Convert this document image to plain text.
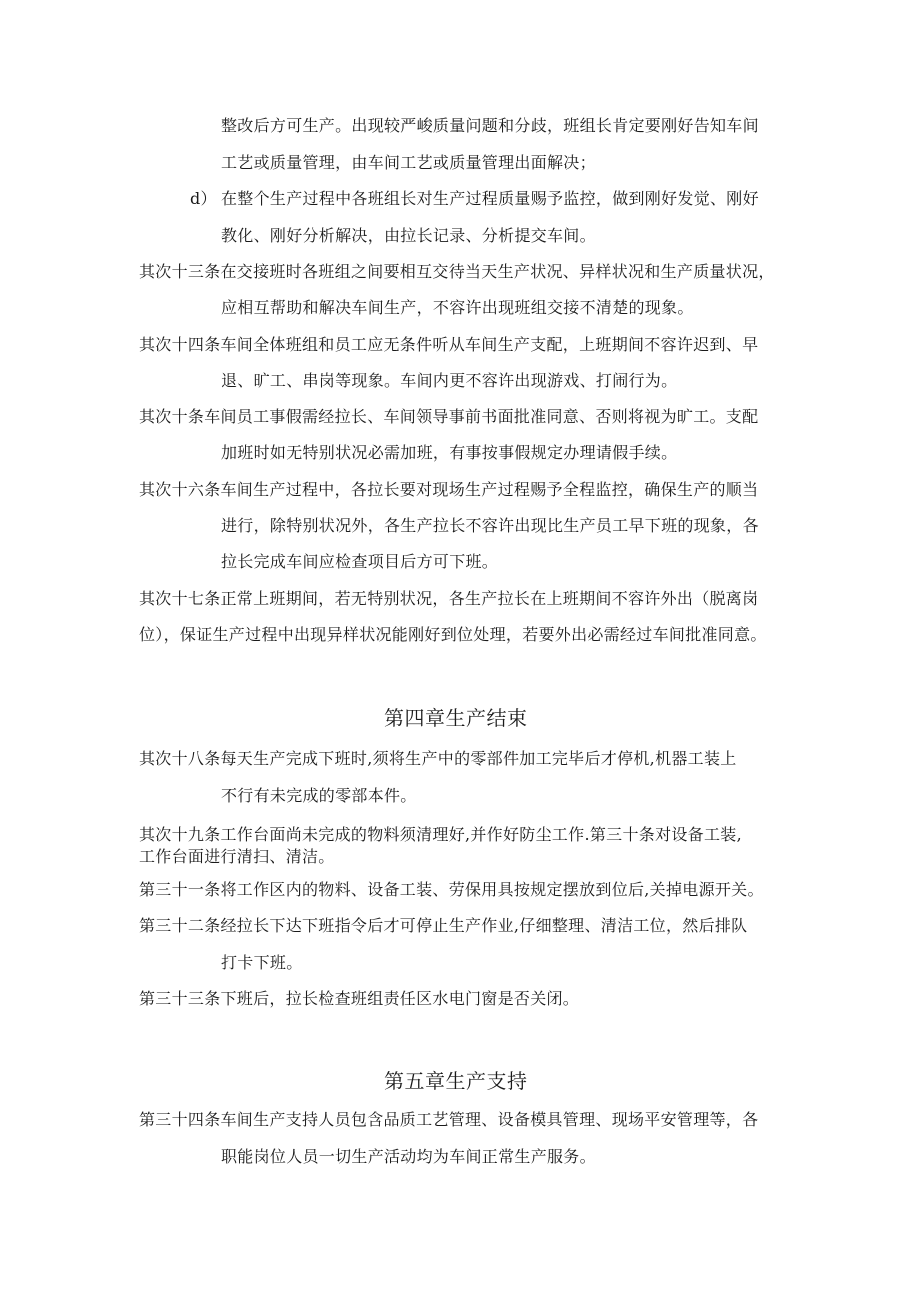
整改后方可生产。出现较严峻质量问题和分歧，班组长肯定要刚好告知车间
工艺或质量管理，由车间工艺或质量管理出面解决；
d） 在整个生产过程中各班组长对生产过程质量赐予监控，做到刚好发觉、刚好
教化、刚好分析解决，由拉长记录、分析提交车间。
其次十三条在交接班时各班组之间要相互交待当天生产状况、异样状况和生产质量状况，
应相互帮助和解决车间生产，不容许出现班组交接不清楚的现象。
其次十四条车间全体班组和员工应无条件听从车间生产支配，上班期间不容许迟到、早
退、旷工、串岗等现象。车间内更不容许出现游戏、打闹行为。
其次十条车间员工事假需经拉长、车间领导事前书面批准同意、否则将视为旷工。支配
加班时如无特别状况必需加班，有事按事假规定办理请假手续。
其次十六条车间生产过程中，各拉长要对现场生产过程赐予全程监控，确保生产的顺当
进行，除特别状况外，各生产拉长不容许出现比生产员工早下班的现象，各
拉长完成车间应检查项目后方可下班。
其次十七条正常上班期间，若无特别状况，各生产拉长在上班期间不容许外出（脱离岗
位），保证生产过程中出现异样状况能刚好到位处理，若要外出必需经过车间批准同意。
第四章生产结束
其次十八条每天生产完成下班时,须将生产中的零部件加工完毕后才停机,机器工装上
不行有未完成的零部本件。
其次十九条工作台面尚未完成的物料须清理好,并作好防尘工作.第三十条对设备工装,
工作台面进行清扫、清洁。
第三十一条将工作区内的物料、设备工装、劳保用具按规定摆放到位后,关掉电源开关。
第三十二条经拉长下达下班指令后才可停止生产作业,仔细整理、清洁工位，然后排队
打卡下班。
第三十三条下班后，拉长检查班组责任区水电门窗是否关闭。
第五章生产支持
第三十四条车间生产支持人员包含品质工艺管理、设备模具管理、现场平安管理等，各
职能岗位人员一切生产活动均为车间正常生产服务。
